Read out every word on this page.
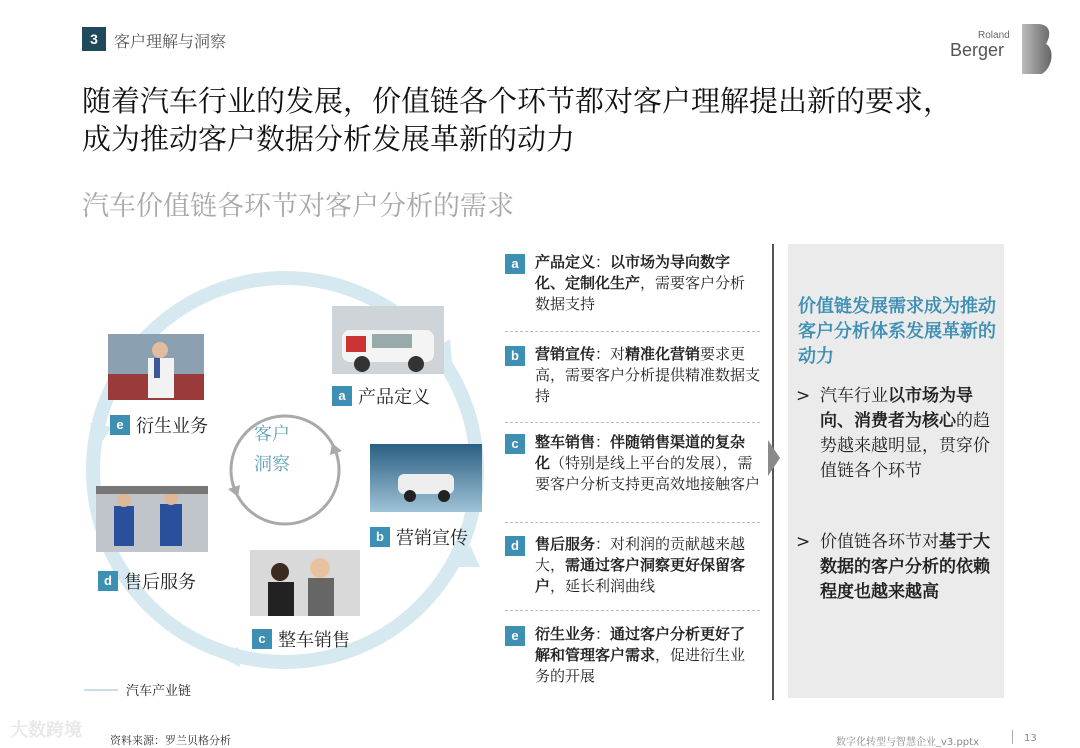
3	客户理解与洞察	Roland
Berger
随着汽车行业的发展，价值链各个环节都对客户理解提出新的要求，
成为推动客户数据分析发展革新的动力
汽车价值链各环节对客户分析的需求
客户
洞察
a 产品定义
b 营销宣传
c 整车销售
d 售后服务
e 衍生业务
汽车产业链
a	产品定义：以市场为导向数字化、定制化生产，需要客户分析数据支持
b	营销宣传：对精准化营销要求更高，需要客户分析提供精准数据支持
c	整车销售：伴随销售渠道的复杂化（特别是线上平台的发展），需要客户分析支持更高效地接触客户
d	售后服务：对利润的贡献越来越大，需通过客户洞察更好保留客户，延长利润曲线
e	衍生业务：通过客户分析更好了解和管理客户需求，促进衍生业务的开展
价值链发展需求成为推动客户分析体系发展革新的动力
> 汽车行业以市场为导向、消费者为核心的趋势越来越明显，贯穿价值链各个环节
> 价值链各环节对基于大数据的客户分析的依赖程度也越来越高
大数跨境	资料来源：罗兰贝格分析	数字化转型与智慧企业_v3.pptx	13
